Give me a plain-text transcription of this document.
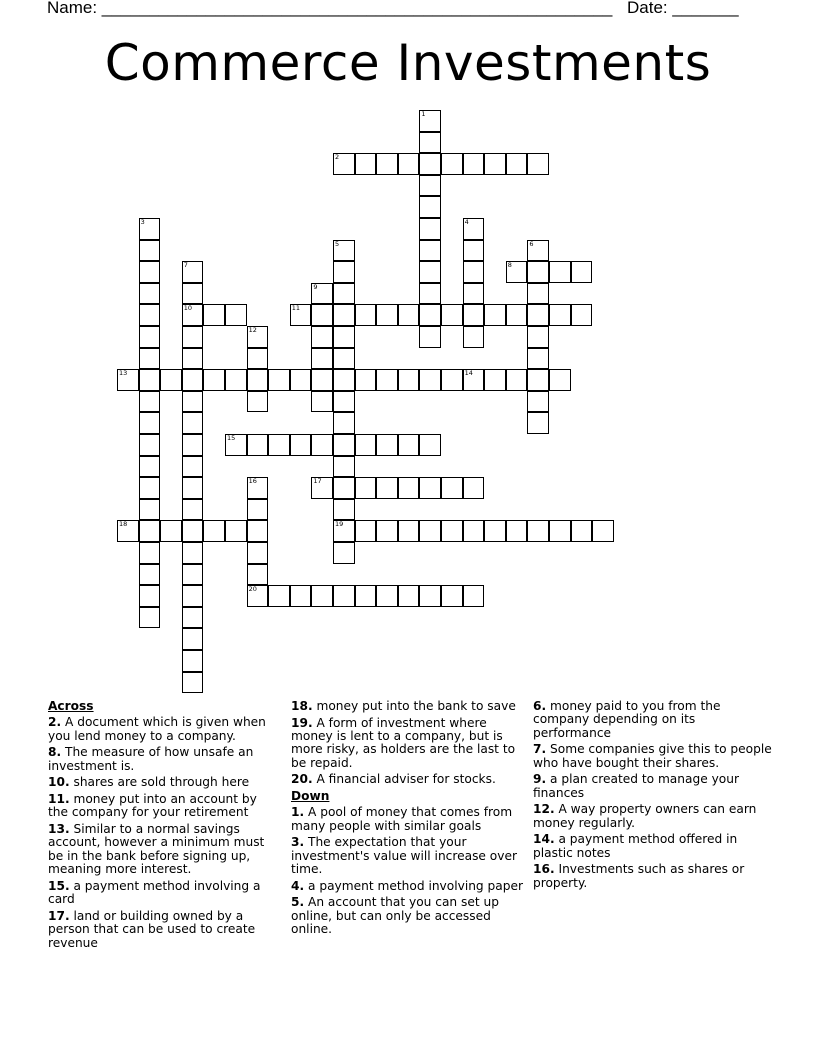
Name: ______________________________________________________ Date: _______
Commerce Investments
1
2
3	4
5
19
6
7
10
8
9
11
12
13	14
15
16	17
18
20
Across
2. A document which is given when you lend money to a company.
8. The measure of how unsafe an investment is.
10. shares are sold through here
11. money put into an account by the company for your retirement
13. Similar to a normal savings account, however a minimum must be in the bank before signing up, meaning more interest.
15. a payment method involving a card
17. land or building owned by a person that can be used to create revenue
18. money put into the bank to save
19. A form of investment where money is lent to a company, but is more risky, as holders are the last to be repaid.
20. A financial adviser for stocks.
Down
1. A pool of money that comes from many people with similar goals
3. The expectation that your investment's value will increase over time.
4. a payment method involving paper
5. An account that you can set up online, but can only be accessed online.
6. money paid to you from the company depending on its performance
7. Some companies give this to people who have bought their shares.
9. a plan created to manage your finances
12. A way property owners can earn money regularly.
14. a payment method offered in plastic notes
16. Investments such as shares or property.
